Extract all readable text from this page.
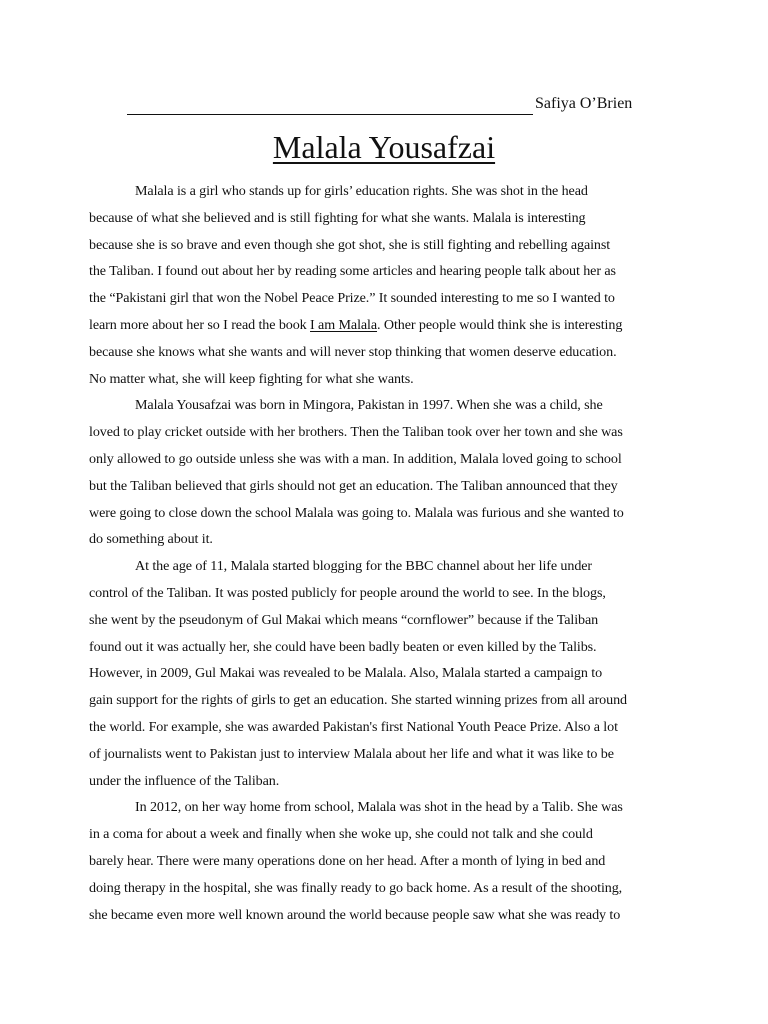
Safiya O’Brien
Malala Yousafzai
Malala is a girl who stands up for girls’ education rights. She was shot in the head
because of what she believed and is still fighting for what she wants. Malala is interesting
because she is so brave and even though she got shot, she is still fighting and rebelling against
the Taliban. I found out about her by reading some articles and hearing people talk about her as
the “Pakistani girl that won the Nobel Peace Prize.” It sounded interesting to me so I wanted to
learn more about her so I read the book I am Malala. Other people would think she is interesting
because she knows what she wants and will never stop thinking that women deserve education.
No matter what, she will keep fighting for what she wants.
Malala Yousafzai was born in Mingora, Pakistan in 1997. When she was a child, she
loved to play cricket outside with her brothers. Then the Taliban took over her town and she was
only allowed to go outside unless she was with a man. In addition, Malala loved going to school
but the Taliban believed that girls should not get an education. The Taliban announced that they
were going to close down the school Malala was going to. Malala was furious and she wanted to
do something about it.
At the age of 11, Malala started blogging for the BBC channel about her life under
control of the Taliban. It was posted publicly for people around the world to see. In the blogs,
she went by the pseudonym of Gul Makai which means “cornflower” because if the Taliban
found out it was actually her, she could have been badly beaten or even killed by the Talibs.
However, in 2009, Gul Makai was revealed to be Malala. Also, Malala started a campaign to
gain support for the rights of girls to get an education. She started winning prizes from all around
the world. For example, she was awarded Pakistan's first National Youth Peace Prize. Also a lot
of journalists went to Pakistan just to interview Malala about her life and what it was like to be
under the influence of the Taliban.
In 2012, on her way home from school, Malala was shot in the head by a Talib. She was
in a coma for about a week and finally when she woke up, she could not talk and she could
barely hear. There were many operations done on her head. After a month of lying in bed and
doing therapy in the hospital, she was finally ready to go back home. As a result of the shooting,
she became even more well known around the world because people saw what she was ready to
